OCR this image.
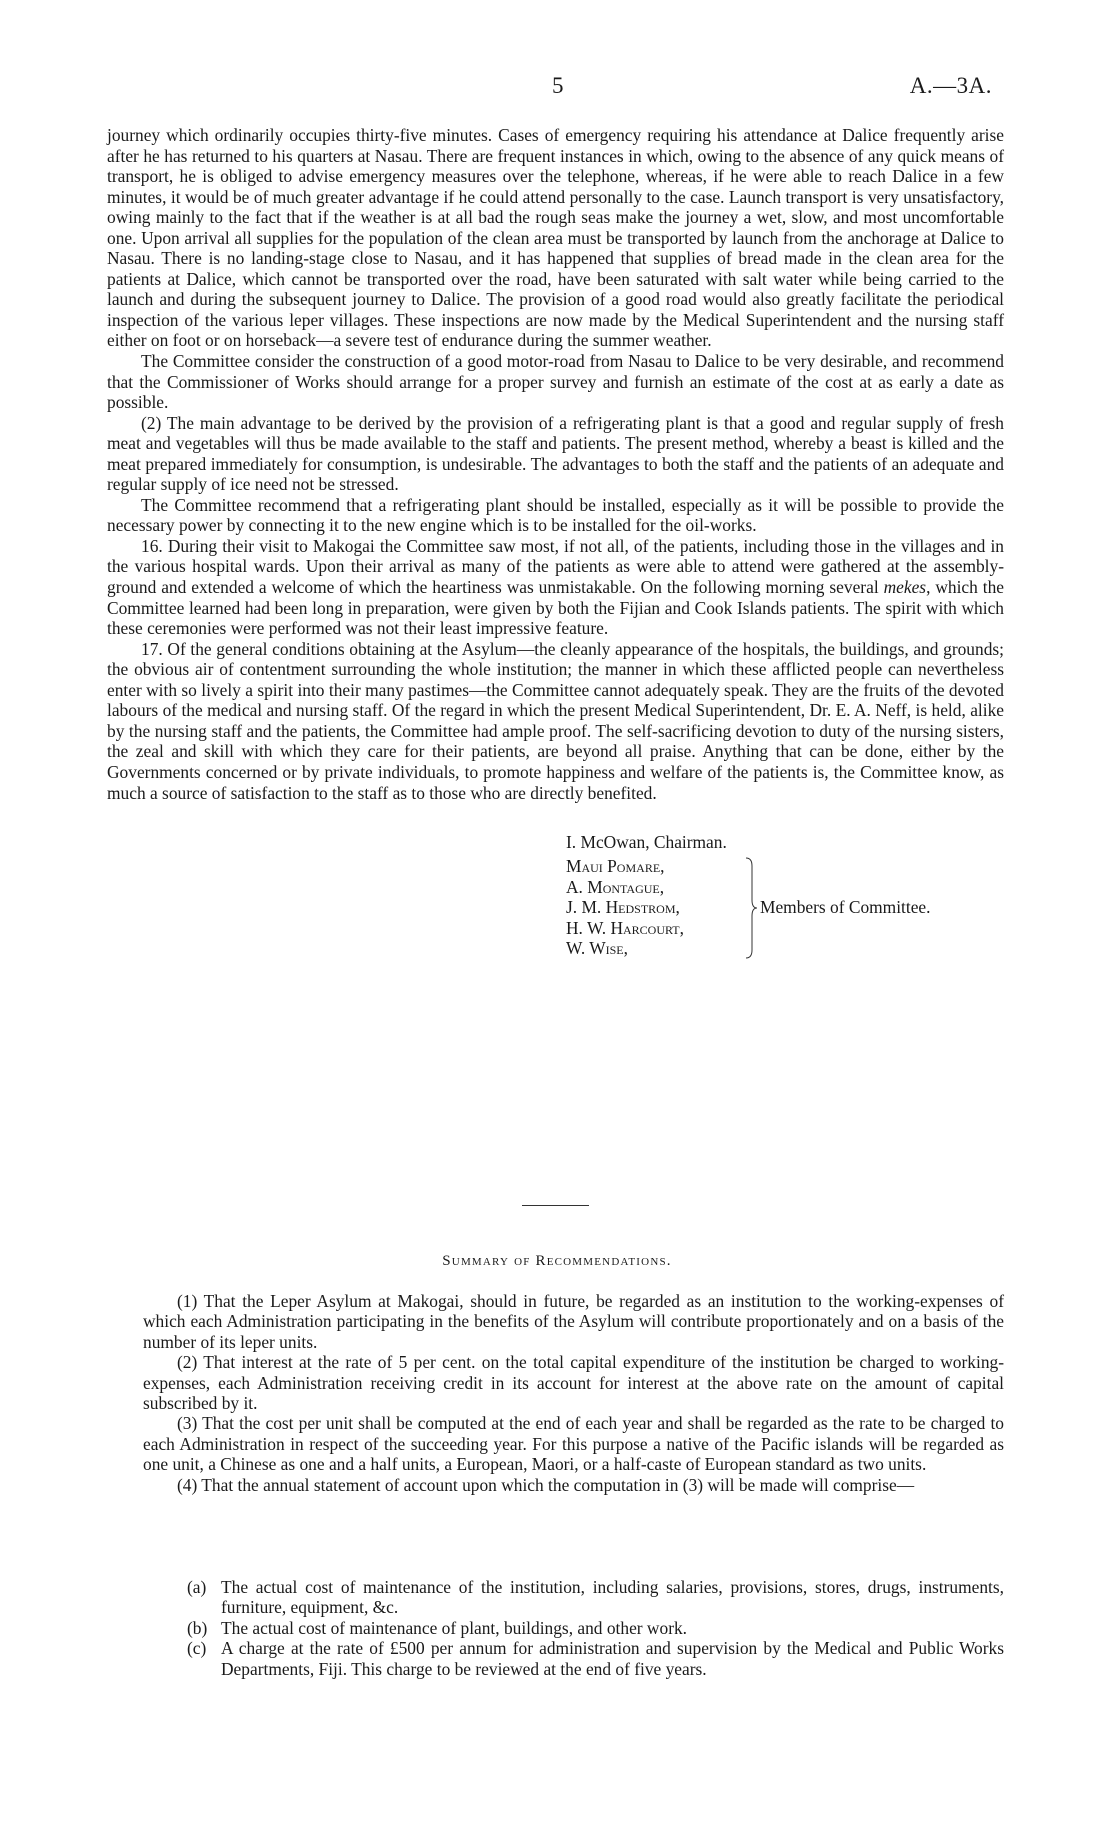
5	A.—3A.

journey which ordinarily occupies thirty-five minutes. Cases of emergency requiring his attendance at Dalice frequently arise after he has returned to his quarters at Nasau. There are frequent instances in which, owing to the absence of any quick means of transport, he is obliged to advise emergency measures over the telephone, whereas, if he were able to reach Dalice in a few minutes, it would be of much greater advantage if he could attend personally to the case. Launch transport is very unsatisfactory, owing mainly to the fact that if the weather is at all bad the rough seas make the journey a wet, slow, and most uncomfortable one. Upon arrival all supplies for the population of the clean area must be transported by launch from the anchorage at Dalice to Nasau. There is no landing-stage close to Nasau, and it has happened that supplies of bread made in the clean area for the patients at Dalice, which cannot be transported over the road, have been saturated with salt water while being carried to the launch and during the subsequent journey to Dalice. The provision of a good road would also greatly facilitate the periodical inspection of the various leper villages. These inspections are now made by the Medical Superintendent and the nursing staff either on foot or on horseback—a severe test of endurance during the summer weather.

The Committee consider the construction of a good motor-road from Nasau to Dalice to be very desirable, and recommend that the Commissioner of Works should arrange for a proper survey and furnish an estimate of the cost at as early a date as possible.

(2) The main advantage to be derived by the provision of a refrigerating plant is that a good and regular supply of fresh meat and vegetables will thus be made available to the staff and patients. The present method, whereby a beast is killed and the meat prepared immediately for consumption, is undesirable. The advantages to both the staff and the patients of an adequate and regular supply of ice need not be stressed.

The Committee recommend that a refrigerating plant should be installed, especially as it will be possible to provide the necessary power by connecting it to the new engine which is to be installed for the oil-works.

16. During their visit to Makogai the Committee saw most, if not all, of the patients, including those in the villages and in the various hospital wards. Upon their arrival as many of the patients as were able to attend were gathered at the assembly-ground and extended a welcome of which the heartiness was unmistakable. On the following morning several mekes, which the Committee learned had been long in preparation, were given by both the Fijian and Cook Islands patients. The spirit with which these ceremonies were performed was not their least impressive feature.

17. Of the general conditions obtaining at the Asylum—the cleanly appearance of the hospitals, the buildings, and grounds; the obvious air of contentment surrounding the whole institution; the manner in which these afflicted people can nevertheless enter with so lively a spirit into their many pastimes—the Committee cannot adequately speak. They are the fruits of the devoted labours of the medical and nursing staff. Of the regard in which the present Medical Superintendent, Dr. E. A. Neff, is held, alike by the nursing staff and the patients, the Committee had ample proof. The self-sacrificing devotion to duty of the nursing sisters, the zeal and skill with which they care for their patients, are beyond all praise. Anything that can be done, either by the Governments concerned or by private individuals, to promote happiness and welfare of the patients is, the Committee know, as much a source of satisfaction to the staff as to those who are directly benefited.

I. McOwan, Chairman.
Maui Pomare,
A. Montague,
J. M. Hedstrom,
H. W. Harcourt,
W. Wise,
Members of Committee.
Summary of Recommendations.

(1) That the Leper Asylum at Makogai, should in future, be regarded as an institution to the working-expenses of which each Administration participating in the benefits of the Asylum will contribute proportionately and on a basis of the number of its leper units.

(2) That interest at the rate of 5 per cent. on the total capital expenditure of the institution be charged to working-expenses, each Administration receiving credit in its account for interest at the above rate on the amount of capital subscribed by it.

(3) That the cost per unit shall be computed at the end of each year and shall be regarded as the rate to be charged to each Administration in respect of the succeeding year. For this purpose a native of the Pacific islands will be regarded as one unit, a Chinese as one and a half units, a European, Maori, or a half-caste of European standard as two units.

(4) That the annual statement of account upon which the computation in (3) will be made will comprise—

(a) The actual cost of maintenance of the institution, including salaries, provisions, stores, drugs, instruments, furniture, equipment, &c.
(b) The actual cost of maintenance of plant, buildings, and other work.
(c) A charge at the rate of £500 per annum for administration and supervision by the Medical and Public Works Departments, Fiji. This charge to be reviewed at the end of five years.
